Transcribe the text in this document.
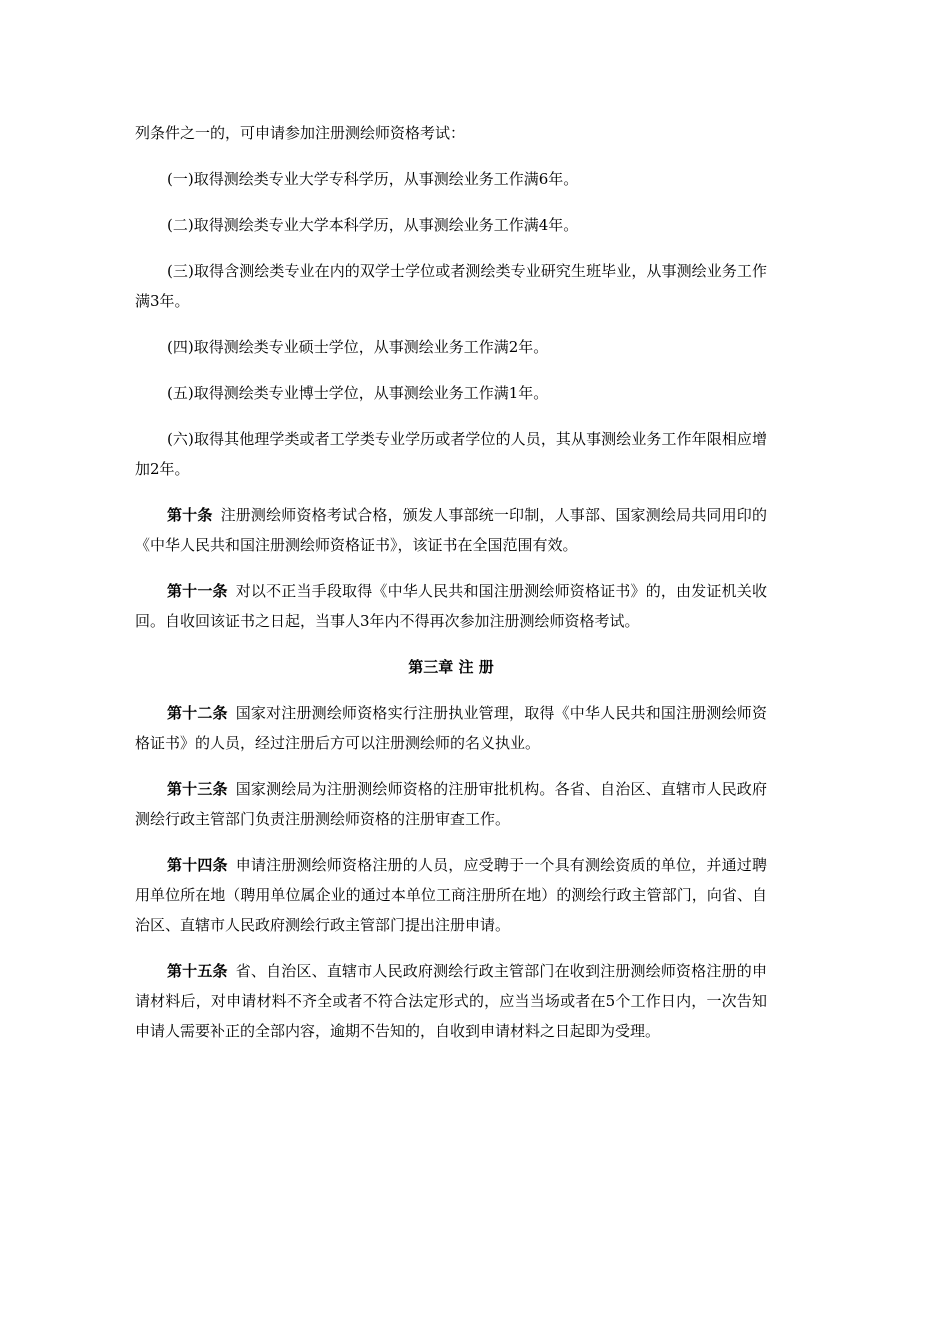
列条件之一的，可申请参加注册测绘师资格考试：

(一)取得测绘类专业大学专科学历，从事测绘业务工作满6年。

(二)取得测绘类专业大学本科学历，从事测绘业务工作满4年。

(三)取得含测绘类专业在内的双学士学位或者测绘类专业研究生班毕业，从事测绘业务工作满3年。

(四)取得测绘类专业硕士学位，从事测绘业务工作满2年。

(五)取得测绘类专业博士学位，从事测绘业务工作满1年。

(六)取得其他理学类或者工学类专业学历或者学位的人员，其从事测绘业务工作年限相应增加2年。

第十条 注册测绘师资格考试合格，颁发人事部统一印制，人事部、国家测绘局共同用印的《中华人民共和国注册测绘师资格证书》，该证书在全国范围有效。

第十一条 对以不正当手段取得《中华人民共和国注册测绘师资格证书》的，由发证机关收回。自收回该证书之日起，当事人3年内不得再次参加注册测绘师资格考试。

第三章 注 册

第十二条 国家对注册测绘师资格实行注册执业管理，取得《中华人民共和国注册测绘师资格证书》的人员，经过注册后方可以注册测绘师的名义执业。

第十三条 国家测绘局为注册测绘师资格的注册审批机构。各省、自治区、直辖市人民政府测绘行政主管部门负责注册测绘师资格的注册审查工作。

第十四条 申请注册测绘师资格注册的人员，应受聘于一个具有测绘资质的单位，并通过聘用单位所在地（聘用单位属企业的通过本单位工商注册所在地）的测绘行政主管部门，向省、自治区、直辖市人民政府测绘行政主管部门提出注册申请。

第十五条 省、自治区、直辖市人民政府测绘行政主管部门在收到注册测绘师资格注册的申请材料后，对申请材料不齐全或者不符合法定形式的，应当当场或者在5个工作日内，一次告知申请人需要补正的全部内容，逾期不告知的，自收到申请材料之日起即为受理。
